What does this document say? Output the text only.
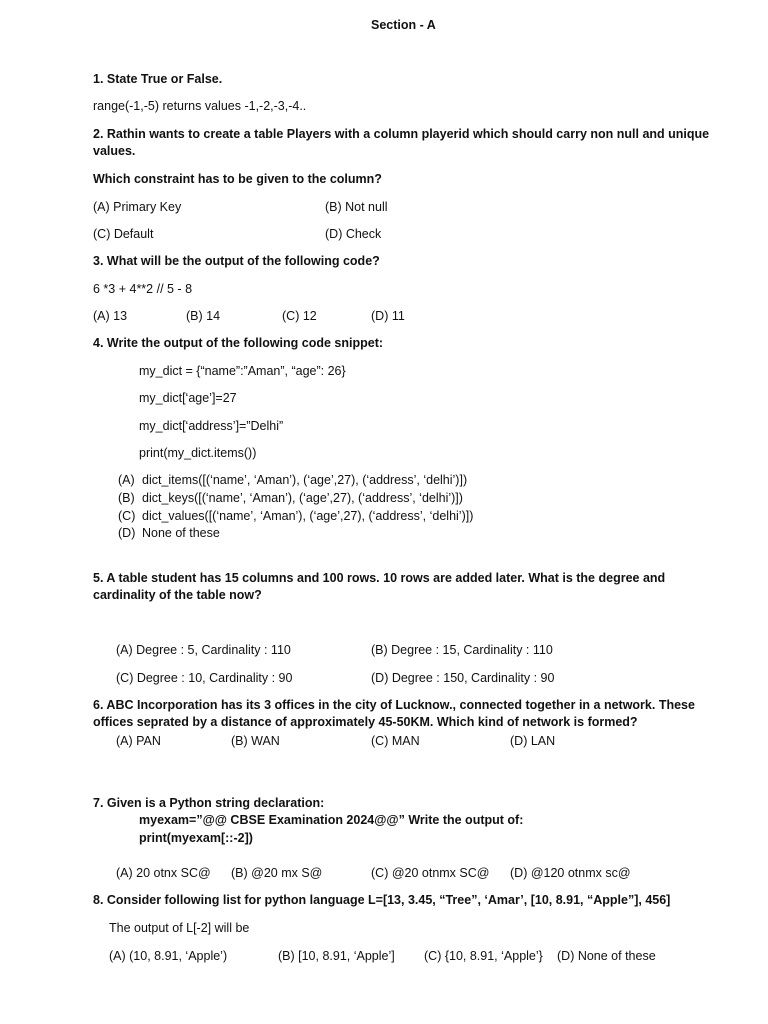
Section - A
1. State True or False.
range(-1,-5) returns values -1,-2,-3,-4..
2. Rathin wants to create a table Players with a column playerid which should carry non null and unique values.
Which constraint has to be given to the column?
(A) Primary Key	(B) Not null
(C) Default	(D) Check
3. What will be the output of the following code?
6 *3 + 4**2 // 5 - 8
(A) 13	(B) 14	(C) 12	(D) 11
4. Write the output of the following code snippet:
my_dict = {“name”:”Aman”, “age”: 26}
my_dict[‘age’]=27
my_dict[‘address’]=”Delhi”
print(my_dict.items())
(A) dict_items([(‘name’, ‘Aman’), (‘age’,27), (‘address’, ‘delhi’)])
(B) dict_keys([(‘name’, ‘Aman’), (‘age’,27), (‘address’, ‘delhi’)])
(C) dict_values([(‘name’, ‘Aman’), (‘age’,27), (‘address’, ‘delhi’)])
(D) None of these
5. A table student has 15 columns and 100 rows. 10 rows are added later. What is the degree and cardinality of the table now?
(A) Degree : 5, Cardinality : 110	(B) Degree : 15, Cardinality : 110
(C) Degree : 10, Cardinality : 90	(D) Degree : 150, Cardinality : 90
6. ABC Incorporation has its 3 offices in the city of Lucknow., connected together in a network. These offices seprated by a distance of approximately 45-50KM. Which kind of network is formed?
(A) PAN	(B) WAN	(C) MAN	(D) LAN
7. Given is a Python string declaration:
myexam=”@@ CBSE Examination 2024@@” Write the output of:
print(myexam[::-2])
(A) 20 otnx SC@ (B) @20 mx S@	(C) @20 otnmx SC@ (D) @120 otnmx sc@
8. Consider following list for python language L=[13, 3.45, “Tree”, ‘Amar’, [10, 8.91, “Apple”], 456]
The output of L[-2] will be
(A) (10, 8.91, ‘Apple’)	(B) [10, 8.91, ‘Apple’] (C) {10, 8.91, ‘Apple’} (D) None of these
